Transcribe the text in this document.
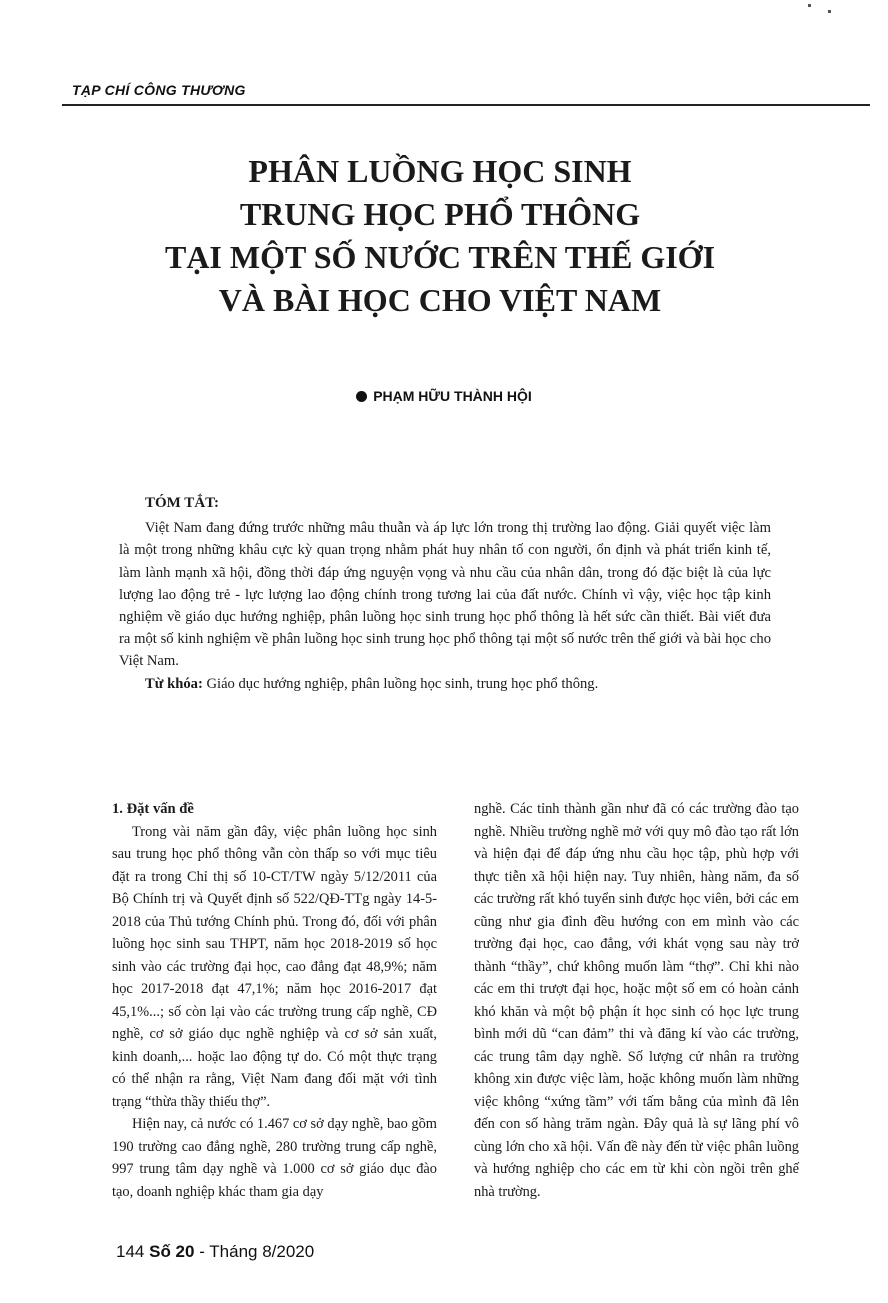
TẠP CHÍ CÔNG THƯƠNG
PHÂN LUỒNG HỌC SINH
TRUNG HỌC PHỔ THÔNG
TẠI MỘT SỐ NƯỚC TRÊN THẾ GIỚI
VÀ BÀI HỌC CHO VIỆT NAM
PHẠM HỮU THÀNH HỘI
TÓM TẮT:

Việt Nam đang đứng trước những mâu thuẫn và áp lực lớn trong thị trường lao động. Giải quyết việc làm là một trong những khâu cực kỳ quan trọng nhằm phát huy nhân tố con người, ổn định và phát triển kinh tế, làm lành mạnh xã hội, đồng thời đáp ứng nguyện vọng và nhu cầu của nhân dân, trong đó đặc biệt là của lực lượng lao động trẻ - lực lượng lao động chính trong tương lai của đất nước. Chính vì vậy, việc học tập kinh nghiệm về giáo dục hướng nghiệp, phân luồng học sinh trung học phổ thông là hết sức cần thiết. Bài viết đưa ra một số kinh nghiệm về phân luồng học sinh trung học phổ thông tại một số nước trên thế giới và bài học cho Việt Nam.

Từ khóa: Giáo dục hướng nghiệp, phân luồng học sinh, trung học phổ thông.

1. Đặt vấn đề

Trong vài năm gần đây, việc phân luồng học sinh sau trung học phổ thông vẫn còn thấp so với mục tiêu đặt ra trong Chỉ thị số 10-CT/TW ngày 5/12/2011 của Bộ Chính trị và Quyết định số 522/QĐ-TTg ngày 14-5-2018 của Thủ tướng Chính phủ. Trong đó, đối với phân luồng học sinh sau THPT, năm học 2018-2019 số học sinh vào các trường đại học, cao đẳng đạt 48,9%; năm học 2017-2018 đạt 47,1%; năm học 2016-2017 đạt 45,1%...; số còn lại vào các trường trung cấp nghề, CĐ nghề, cơ sở giáo dục nghề nghiệp và cơ sở sản xuất, kinh doanh,... hoặc lao động tự do. Có một thực trạng có thể nhận ra rằng, Việt Nam đang đối mặt với tình trạng “thừa thầy thiếu thợ”.

Hiện nay, cả nước có 1.467 cơ sở dạy nghề, bao gồm 190 trường cao đẳng nghề, 280 trường trung cấp nghề, 997 trung tâm dạy nghề và 1.000 cơ sở giáo dục đào tạo, doanh nghiệp khác tham gia dạy

nghề. Các tỉnh thành gần như đã có các trường đào tạo nghề. Nhiều trường nghề mở với quy mô đào tạo rất lớn và hiện đại để đáp ứng nhu cầu học tập, phù hợp với thực tiễn xã hội hiện nay. Tuy nhiên, hàng năm, đa số các trường rất khó tuyển sinh được học viên, bởi các em cũng như gia đình đều hướng con em mình vào các trường đại học, cao đẳng, với khát vọng sau này trở thành “thầy”, chứ không muốn làm “thợ”. Chỉ khi nào các em thi trượt đại học, hoặc một số em có hoàn cảnh khó khăn và một bộ phận ít học sinh có học lực trung bình mới dũ “can đảm” thi và đăng kí vào các trường, các trung tâm dạy nghề. Số lượng cử nhân ra trường không xin được việc làm, hoặc không muốn làm những việc không “xứng tầm” với tấm bằng của mình đã lên đến con số hàng trăm ngàn. Đây quả là sự lãng phí vô cùng lớn cho xã hội. Vấn đề này đến từ việc phân luồng và hướng nghiệp cho các em từ khi còn ngồi trên ghế nhà trường.

144 Số 20 - Tháng 8/2020
